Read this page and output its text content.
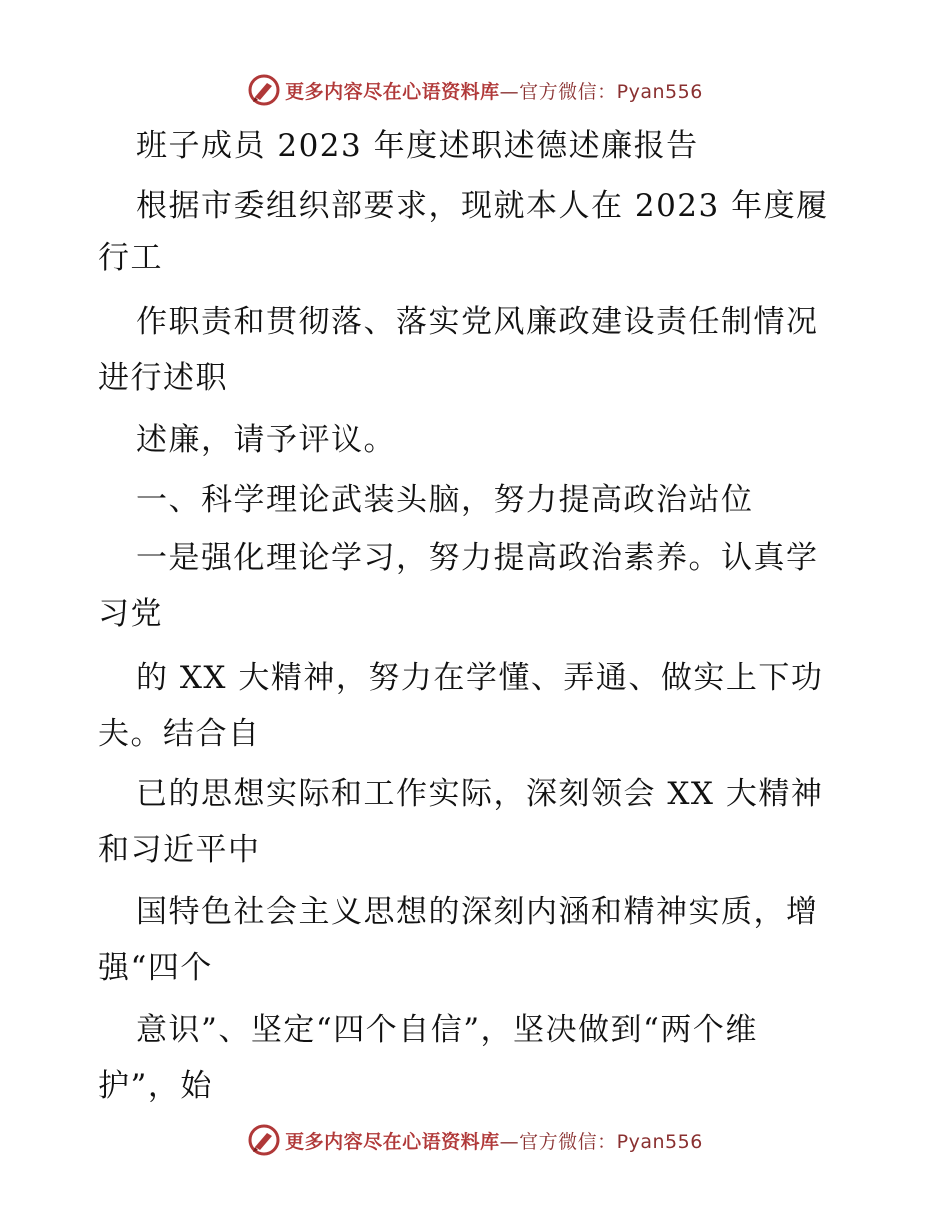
更多内容尽在心语资料库—官方微信：Pyan556
班子成员 2023 年度述职述德述廉报告
根据市委组织部要求，现就本人在 2023 年度履
行工
作职责和贯彻落、落实党风廉政建设责任制情况
进行述职
述廉，请予评议。
一、科学理论武装头脑，努力提高政治站位
一是强化理论学习，努力提高政治素养。认真学
习党
的 XX 大精神，努力在学懂、弄通、做实上下功
夫。结合自
已的思想实际和工作实际，深刻领会 XX 大精神
和习近平中
国特色社会主义思想的深刻内涵和精神实质，增
强“四个
意识”、坚定“四个自信”，坚决做到“两个维
护”，始
更多内容尽在心语资料库—官方微信：Pyan556
